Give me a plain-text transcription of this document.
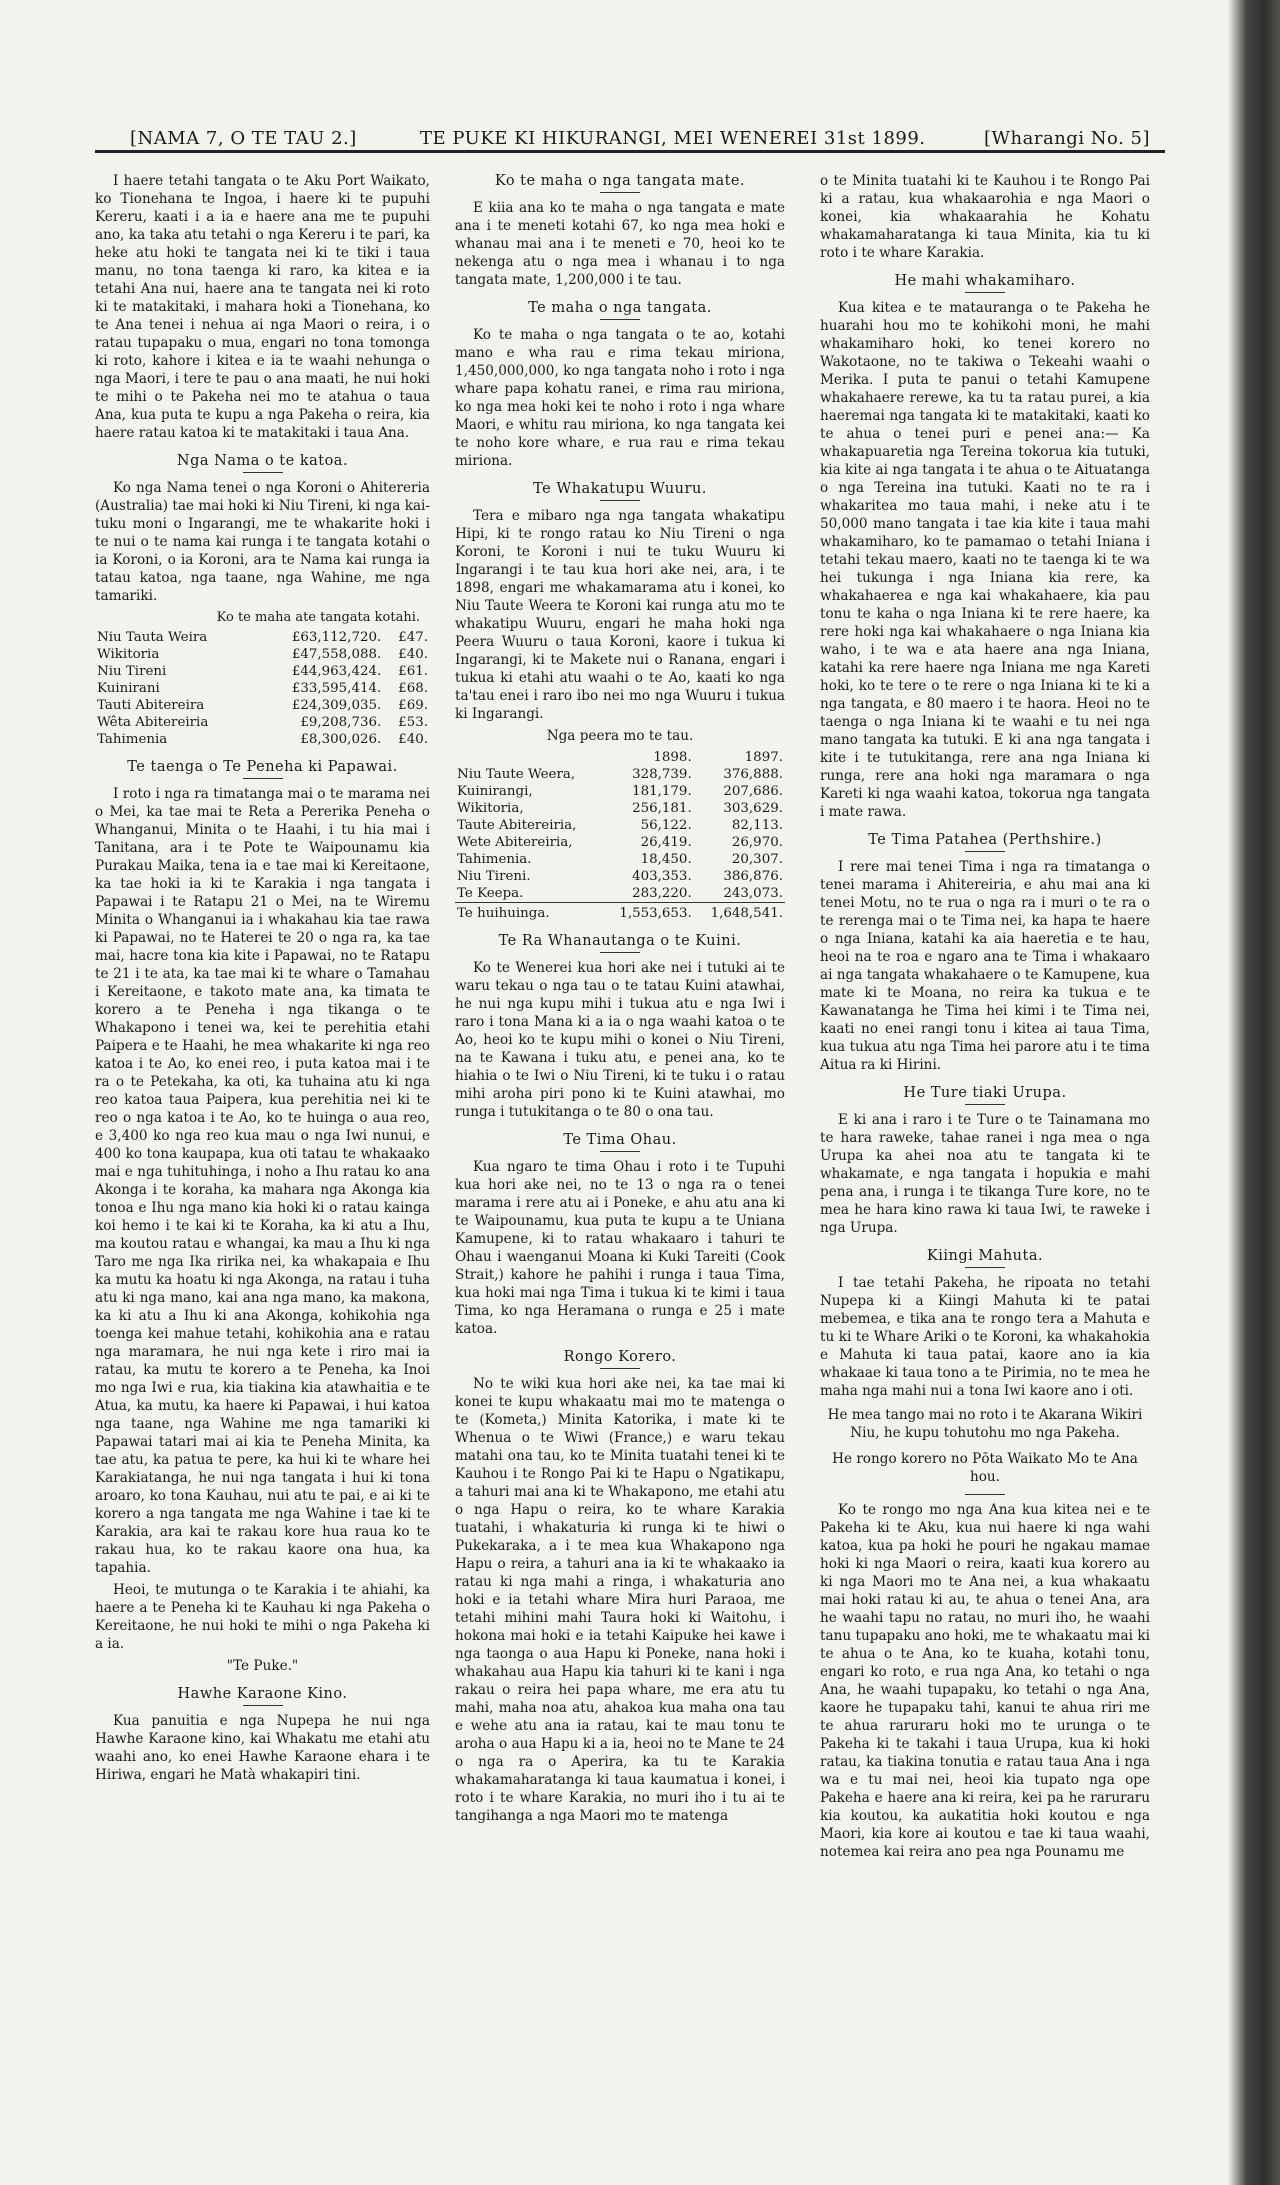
[NAMA 7, O TE TAU 2.]	TE PUKE KI HIKURANGI, MEI WENEREI 31st 1899.	[Wharangi No. 5]

I haere tetahi tangata o te Aku Port Waikato, ko Tionehana te Ingoa, i haere ki te pupuhi Kereru, kaati i a ia e haere ana me te pupuhi ano, ka taka atu tetahi o nga Kereru i te pari, ka heke atu hoki te tangata nei ki te tiki i taua manu, no tona taenga ki raro, ka kitea e ia tetahi Ana nui, haere ana te tangata nei ki roto ki te matakitaki, i mahara hoki a Tionehana, ko te Ana tenei i nehua ai nga Maori o reira, i o ratau tupapaku o mua, engari no tona tomonga ki roto, kahore i kitea e ia te waahi nehunga o nga Maori, i tere te pau o ana maati, he nui hoki te mihi o te Pakeha nei mo te atahua o taua Ana, kua puta te kupu a nga Pakeha o reira, kia haere ratau katoa ki te matakitaki i taua Ana.

Nga Nama o te katoa.

Ko nga Nama tenei o nga Koroni o Ahitereria (Australia) tae mai hoki ki Niu Tireni, ki nga kai-tuku moni o Ingarangi, me te whakarite hoki i te nui o te nama kai runga i te tangata kotahi o ia Koroni, o ia Koroni, ara te Nama kai runga ia tatau katoa, nga taane, nga Wahine, me nga tamariki.

Ko te maha ate tangata kotahi.
Niu Tauta Weira	£63,112,720.	£47.
Wikitoria	£47,558,088.	£40.
Niu Tireni	£44,963,424.	£61.
Kuinirani	£33,595,414.	£68.
Tauti Abitereira	£24,309,035.	£69.
Wêta Abitereiria	£9,208,736.	£53.
Tahimenia	£8,300,026.	£40.
Te taenga o Te Peneha ki Papawai.

I roto i nga ra timatanga mai o te marama nei o Mei, ka tae mai te Reta a Pererika Peneha o Whanganui, Minita o te Haahi, i tu hia mai i Tanitana, ara i te Pote te Waipounamu kia Purakau Maika, tena ia e tae mai ki Kereitaone, ka tae hoki ia ki te Karakia i nga tangata i Papawai i te Ratapu 21 o Mei, na te Wiremu Minita o Whanganui ia i whakahau kia tae rawa ki Papawai, no te Haterei te 20 o nga ra, ka tae mai, hacre tona kia kite i Papawai, no te Ratapu te 21 i te ata, ka tae mai ki te whare o Tamahau i Kereitaone, e takoto mate ana, ka timata te korero a te Peneha i nga tikanga o te Whakapono i tenei wa, kei te perehitia etahi Paipera e te Haahi, he mea whakarite ki nga reo katoa i te Ao, ko enei reo, i puta katoa mai i te ra o te Petekaha, ka oti, ka tuhaina atu ki nga reo katoa taua Paipera, kua perehitia nei ki te reo o nga katoa i te Ao, ko te huinga o aua reo, e 3,400 ko nga reo kua mau o nga Iwi nunui, e 400 ko tona kaupapa, kua oti tatau te whakaako mai e nga tuhituhinga, i noho a Ihu ratau ko ana Akonga i te koraha, ka mahara nga Akonga kia tonoa e Ihu nga mano kia hoki ki o ratau kainga koi hemo i te kai ki te Koraha, ka ki atu a Ihu, ma koutou ratau e whangai, ka mau a Ihu ki nga Taro me nga Ika ririka nei, ka whakapaia e Ihu ka mutu ka hoatu ki nga Akonga, na ratau i tuha atu ki nga mano, kai ana nga mano, ka makona, ka ki atu a Ihu ki ana Akonga, kohikohia nga toenga kei mahue tetahi, kohikohia ana e ratau nga maramara, he nui nga kete i riro mai ia ratau, ka mutu te korero a te Peneha, ka Inoi mo nga Iwi e rua, kia tiakina kia atawhaitia e te Atua, ka mutu, ka haere ki Papawai, i hui katoa nga taane, nga Wahine me nga tamariki ki Papawai tatari mai ai kia te Peneha Minita, ka tae atu, ka patua te pere, ka hui ki te whare hei Karakiatanga, he nui nga tangata i hui ki tona aroaro, ko tona Kauhau, nui atu te pai, e ai ki te korero a nga tangata me nga Wahine i tae ki te Karakia, ara kai te rakau kore hua raua ko te rakau hua, ko te rakau kaore ona hua, ka tapahia.

Heoi, te mutunga o te Karakia i te ahiahi, ka haere a te Peneha ki te Kauhau ki nga Pakeha o Kereitaone, he nui hoki te mihi o nga Pakeha ki a ia.

"Te Puke."

Hawhe Karaone Kino.

Kua panuitia e nga Nupepa he nui nga Hawhe Karaone kino, kai Whakatu me etahi atu waahi ano, ko enei Hawhe Karaone ehara i te Hiriwa, engari he Matà whakapiri tini.

Ko te maha o nga tangata mate.

E kiia ana ko te maha o nga tangata e mate ana i te meneti kotahi 67, ko nga mea hoki e whanau mai ana i te meneti e 70, heoi ko te nekenga atu o nga mea i whanau i to nga tangata mate, 1,200,000 i te tau.

Te maha o nga tangata.

Ko te maha o nga tangata o te ao, kotahi mano e wha rau e rima tekau miriona, 1,450,000,000, ko nga tangata noho i roto i nga whare papa kohatu ranei, e rima rau miriona, ko nga mea hoki kei te noho i roto i nga whare Maori, e whitu rau miriona, ko nga tangata kei te noho kore whare, e rua rau e rima tekau miriona.

Te Whakatupu Wuuru.

Tera e mibaro nga nga tangata whakatipu Hipi, ki te rongo ratau ko Niu Tireni o nga Koroni, te Koroni i nui te tuku Wuuru ki Ingarangi i te tau kua hori ake nei, ara, i te 1898, engari me whakamarama atu i konei, ko Niu Taute Weera te Koroni kai runga atu mo te whakatipu Wuuru, engari he maha hoki nga Peera Wuuru o taua Koroni, kaore i tukua ki Ingarangi, ki te Makete nui o Ranana, engari i tukua ki etahi atu waahi o te Ao, kaati ko nga ta'tau enei i raro ibo nei mo nga Wuuru i tukua ki Ingarangi.

Nga peera mo te tau.

	1898.	1897.
Niu Taute Weera,	328,739.	376,888.
Kuinirangi,	181,179.	207,686.
Wikitoria,	256,181.	303,629.
Taute Abitereiria,	56,122.	82,113.
Wete Abitereiria,	26,419.	26,970.
Tahimenia.	18,450.	20,307.
Niu Tireni.	403,353.	386,876.
Te Keepa.	283,220.	243,073.
Te huihuinga.	1,553,653.	1,648,541.
Te Ra Whanautanga o te Kuini.

Ko te Wenerei kua hori ake nei i tutuki ai te waru tekau o nga tau o te tatau Kuini atawhai, he nui nga kupu mihi i tukua atu e nga Iwi i raro i tona Mana ki a ia o nga waahi katoa o te Ao, heoi ko te kupu mihi o konei o Niu Tireni, na te Kawana i tuku atu, e penei ana, ko te hiahia o te Iwi o Niu Tireni, ki te tuku i o ratau mihi aroha piri pono ki te Kuini atawhai, mo runga i tutukitanga o te 80 o ona tau.

Te Tima Ohau.

Kua ngaro te tima Ohau i roto i te Tupuhi kua hori ake nei, no te 13 o nga ra o tenei marama i rere atu ai i Poneke, e ahu atu ana ki te Waipounamu, kua puta te kupu a te Uniana Kamupene, ki to ratau whakaaro i tahuri te Ohau i waenganui Moana ki Kuki Tareiti (Cook Strait,) kahore he pahihi i runga i taua Tima, kua hoki mai nga Tima i tukua ki te kimi i taua Tima, ko nga Heramana o runga e 25 i mate katoa.

Rongo Korero.

No te wiki kua hori ake nei, ka tae mai ki konei te kupu whakaatu mai mo te matenga o te (Kometa,) Minita Katorika, i mate ki te Whenua o te Wiwi (France,) e waru tekau matahi ona tau, ko te Minita tuatahi tenei ki te Kauhou i te Rongo Pai ki te Hapu o Ngatikapu, a tahuri mai ana ki te Whakapono, me etahi atu o nga Hapu o reira, ko te whare Karakia tuatahi, i whakaturia ki runga ki te hiwi o Pukekaraka, a i te mea kua Whakapono nga Hapu o reira, a tahuri ana ia ki te whakaako ia ratau ki nga mahi a ringa, i whakaturia ano hoki e ia tetahi whare Mira huri Paraoa, me tetahi mihini mahi Taura hoki ki Waitohu, i hokona mai hoki e ia tetahi Kaipuke hei kawe i nga taonga o aua Hapu ki Poneke, nana hoki i whakahau aua Hapu kia tahuri ki te kani i nga rakau o reira hei papa whare, me era atu tu mahi, maha noa atu, ahakoa kua maha ona tau e wehe atu ana ia ratau, kai te mau tonu te aroha o aua Hapu ki a ia, heoi no te Mane te 24 o nga ra o Aperira, ka tu te Karakia whakamaharatanga ki taua kaumatua i konei, i roto i te whare Karakia, no muri iho i tu ai te tangihanga a nga Maori mo te matenga

o te Minita tuatahi ki te Kauhou i te Rongo Pai ki a ratau, kua whakaarohia e nga Maori o konei, kia whakaarahia he Kohatu whakamaharatanga ki taua Minita, kia tu ki roto i te whare Karakia.

He mahi whakamiharo.

Kua kitea e te matauranga o te Pakeha he huarahi hou mo te kohikohi moni, he mahi whakamiharo hoki, ko tenei korero no Wakotaone, no te takiwa o Tekeahi waahi o Merika. I puta te panui o tetahi Kamupene whakahaere rerewe, ka tu ta ratau purei, a kia haeremai nga tangata ki te matakitaki, kaati ko te ahua o tenei puri e penei ana:— Ka whakapuaretia nga Tereina tokorua kia tutuki, kia kite ai nga tangata i te ahua o te Aituatanga o nga Tereina ina tutuki. Kaati no te ra i whakaritea mo taua mahi, i neke atu i te 50,000 mano tangata i tae kia kite i taua mahi whakamiharo, ko te pamamao o tetahi Iniana i tetahi tekau maero, kaati no te taenga ki te wa hei tukunga i nga Iniana kia rere, ka whakahaerea e nga kai whakahaere, kia pau tonu te kaha o nga Iniana ki te rere haere, ka rere hoki nga kai whakahaere o nga Iniana kia waho, i te wa e ata haere ana nga Iniana, katahi ka rere haere nga Iniana me nga Kareti hoki, ko te tere o te rere o nga Iniana ki te ki a nga tangata, e 80 maero i te haora. Heoi no te taenga o nga Iniana ki te waahi e tu nei nga mano tangata ka tutuki. E ki ana nga tangata i kite i te tutukitanga, rere ana nga Iniana ki runga, rere ana hoki nga maramara o nga Kareti ki nga waahi katoa, tokorua nga tangata i mate rawa.

Te Tima Patahea (Perthshire.)

I rere mai tenei Tima i nga ra timatanga o tenei marama i Ahitereiria, e ahu mai ana ki tenei Motu, no te rua o nga ra i muri o te ra o te rerenga mai o te Tima nei, ka hapa te haere o nga Iniana, katahi ka aia haeretia e te hau, heoi na te roa e ngaro ana te Tima i whakaaro ai nga tangata whakahaere o te Kamupene, kua mate ki te Moana, no reira ka tukua e te Kawanatanga he Tima hei kimi i te Tima nei, kaati no enei rangi tonu i kitea ai taua Tima, kua tukua atu nga Tima hei parore atu i te tima Aitua ra ki Hirini.

He Ture tiaki Urupa.

E ki ana i raro i te Ture o te Tainamana mo te hara raweke, tahae ranei i nga mea o nga Urupa ka ahei noa atu te tangata ki te whakamate, e nga tangata i hopukia e mahi pena ana, i runga i te tikanga Ture kore, no te mea he hara kino rawa ki taua Iwi, te raweke i nga Urupa.

Kiingi Mahuta.

I tae tetahi Pakeha, he ripoata no tetahi Nupepa ki a Kiingi Mahuta ki te patai mebemea, e tika ana te rongo tera a Mahuta e tu ki te Whare Ariki o te Koroni, ka whakahokia e Mahuta ki taua patai, kaore ano ia kia whakaae ki taua tono a te Pirimia, no te mea he maha nga mahi nui a tona Iwi kaore ano i oti.

He mea tango mai no roto i te Akarana Wikiri Niu, he kupu tohutohu mo nga Pakeha.

He rongo korero no Pōta Waikato Mo te Ana hou.

Ko te rongo mo nga Ana kua kitea nei e te Pakeha ki te Aku, kua nui haere ki nga wahi katoa, kua pa hoki he pouri he ngakau mamae hoki ki nga Maori o reira, kaati kua korero au ki nga Maori mo te Ana nei, a kua whakaatu mai hoki ratau ki au, te ahua o tenei Ana, ara he waahi tapu no ratau, no muri iho, he waahi tanu tupapaku ano hoki, me te whakaatu mai ki te ahua o te Ana, ko te kuaha, kotahi tonu, engari ko roto, e rua nga Ana, ko tetahi o nga Ana, he waahi tupapaku, ko tetahi o nga Ana, kaore he tupapaku tahi, kanui te ahua riri me te ahua raruraru hoki mo te urunga o te Pakeha ki te takahi i taua Urupa, kua ki hoki ratau, ka tiakina tonutia e ratau taua Ana i nga wa e tu mai nei, heoi kia tupato nga ope Pakeha e haere ana ki reira, kei pa he raruraru kia koutou, ka aukatitia hoki koutou e nga Maori, kia kore ai koutou e tae ki taua waahi, notemea kai reira ano pea nga Pounamu me
